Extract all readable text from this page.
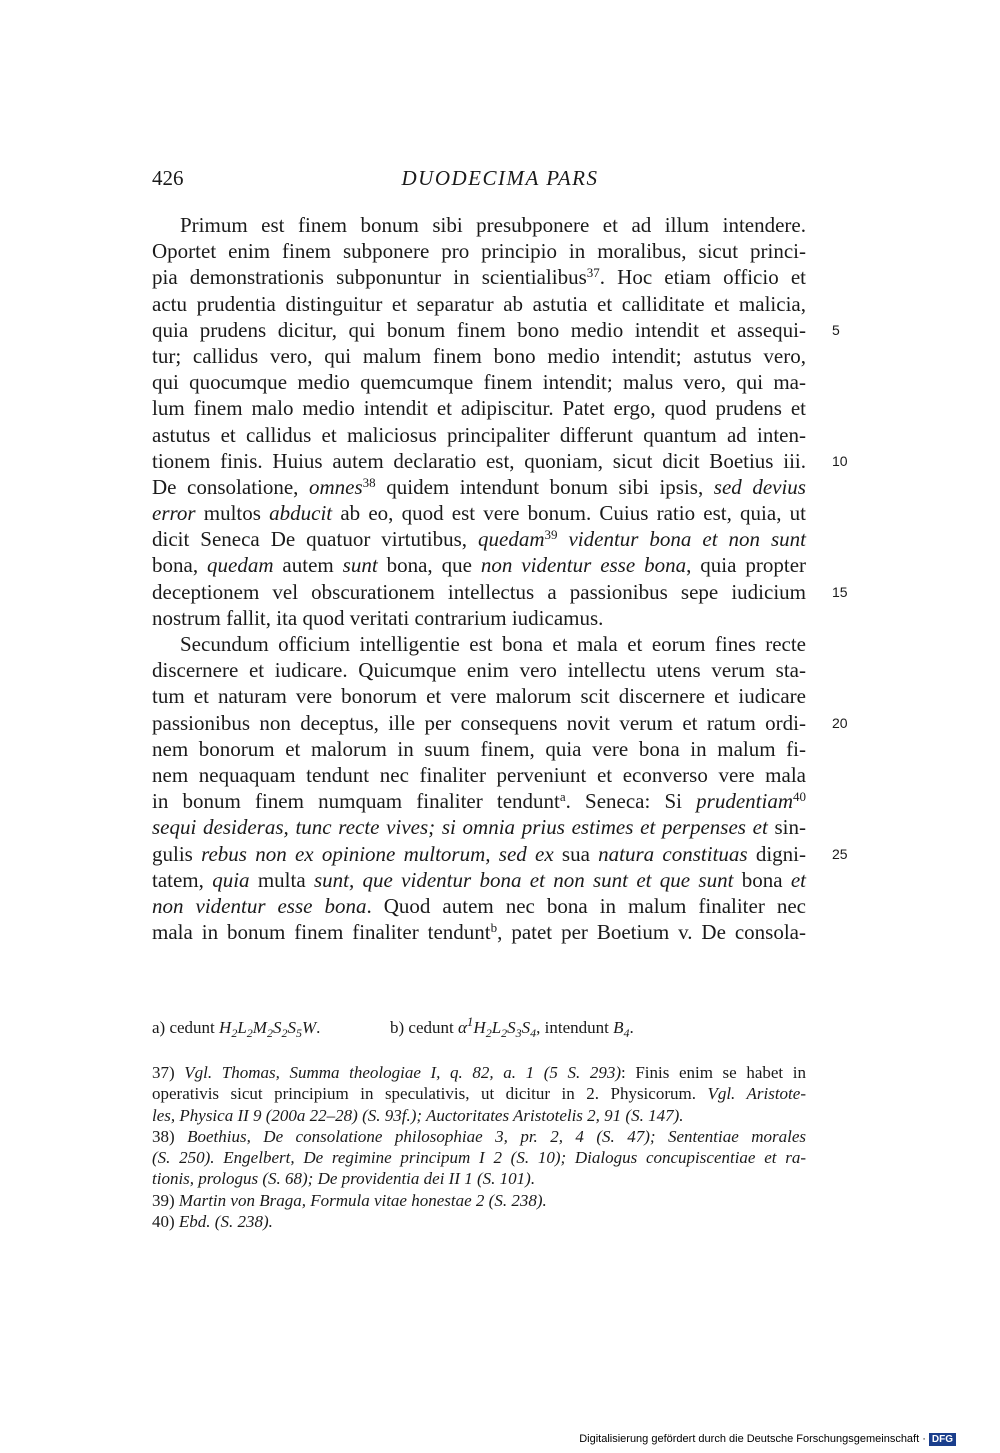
426	DUODECIMA PARS
Primum est finem bonum sibi presubponere et ad illum intendere.
Oportet enim finem subponere pro principio in moralibus, sicut princi-
pia demonstrationis subponuntur in scientialibus$^{37}$. Hoc etiam officio et
actu prudentia distinguitur et separatur ab astutia et calliditate et malicia,
quia prudens dicitur, qui bonum finem bono medio intendit et assequi- 5
tur; callidus vero, qui malum finem bono medio intendit; astutus vero,
qui quocumque medio quemcumque finem intendit; malus vero, qui ma-
lum finem malo medio intendit et adipiscitur. Patet ergo, quod prudens et
astutus et callidus et maliciosus principaliter differunt quantum ad inten-
tionem finis. Huius autem declaratio est, quoniam, sicut dicit Boetius iii. 10
De consolatione, omnes$^{38}$ quidem intendunt bonum sibi ipsis, sed devius
error multos abducit ab eo, quod est vere bonum. Cuius ratio est, quia, ut
dicit Seneca De quatuor virtutibus, quedam$^{39}$ videntur bona et non sunt
bona, quedam autem sunt bona, que non videntur esse bona, quia propter
deceptionem vel obscurationem intellectus a passionibus sepe iudicium 15
nostrum fallit, ita quod veritati contrarium iudicamus.
Secundum officium intelligentie est bona et mala et eorum fines recte
discernere et iudicare. Quicumque enim vero intellectu utens verum sta-
tum et naturam vere bonorum et vere malorum scit discernere et iudicare
passionibus non deceptus, ille per consequens novit verum et ratum ordi- 20
nem bonorum et malorum in suum finem, quia vere bona in malum fi-
nem nequaquam tendunt nec finaliter perveniunt et econverso vere mala
in bonum finem numquam finaliter tendunt$^a$. Seneca: Si prudentiam$^{40}$
sequi desideras, tunc recte vives; si omnia prius estimes et perpenses et sin-
gulis rebus non ex opinione multorum, sed ex sua natura constituas digni- 25
tatem, quia multa sunt, que videntur bona et non sunt et que sunt bona et
non videntur esse bona. Quod autem nec bona in malum finaliter nec
mala in bonum finem finaliter tendunt$^b$, patet per Boetium v. De consola-
a) cedunt $H_2L_2M_2S_2S_5W$.	b) cedunt $\alpha^1H_2L_2S_3S_4$, intendunt $B_4$.
37) Vgl. Thomas, Summa theologiae I, q. 82, a. 1 (5 S. 293): Finis enim se habet in
operativis sicut principium in speculativis, ut dicitur in 2. Physicorum. Vgl. Aristote-
les, Physica II 9 (200a 22–28) (S. 93f.); Auctoritates Aristotelis 2, 91 (S. 147).
38) Boethius, De consolatione philosophiae 3, pr. 2, 4 (S. 47); Sententiae morales
(S. 250). Engelbert, De regimine principum I 2 (S. 10); Dialogus concupiscentiae et ra-
tionis, prologus (S. 68); De providentia dei II 1 (S. 101).
39) Martin von Braga, Formula vitae honestae 2 (S. 238).
40) Ebd. (S. 238).
Digitalisierung gefördert durch die Deutsche Forschungsgemeinschaft · DFG
